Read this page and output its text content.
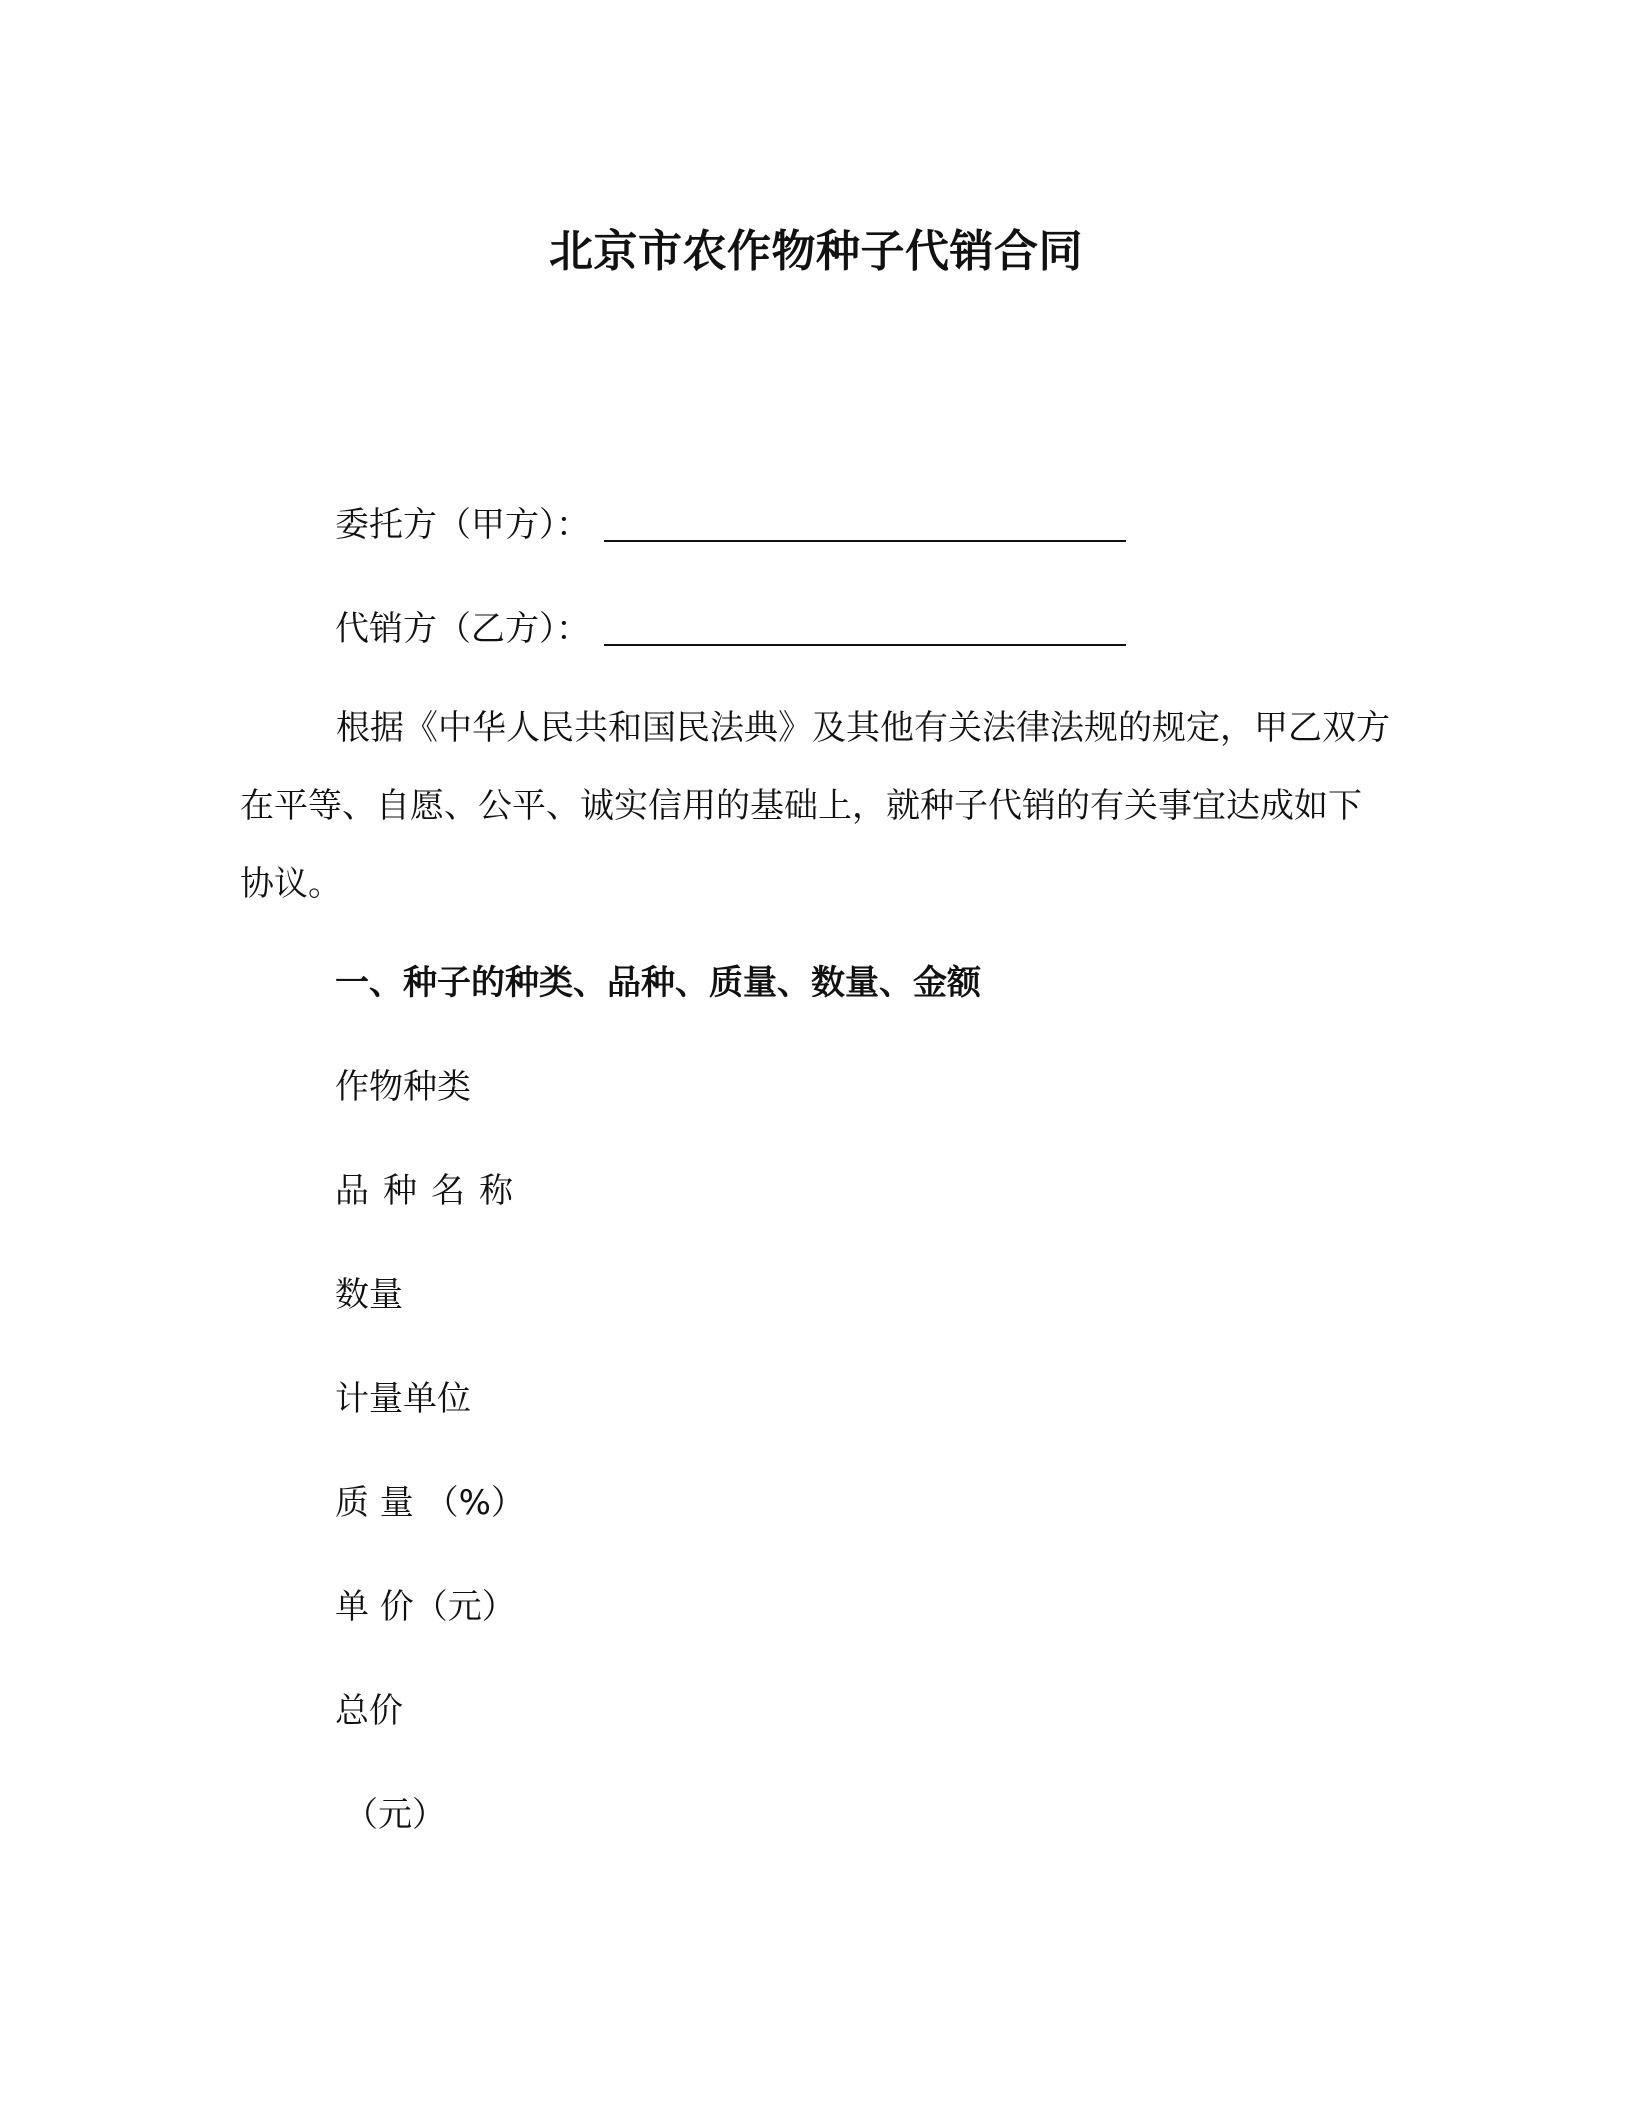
北京市农作物种子代销合同
委托方（甲方）：
代销方（乙方）：
根据《中华人民共和国民法典》及其他有关法律法规的规定，甲乙双方在平等、自愿、公平、诚实信用的基础上，就种子代销的有关事宜达成如下协议。
一、种子的种类、品种、质量、数量、金额
作物种类
品种名称
数量
计量单位
质 量 （%）
单 价（元）
总价
（元）
